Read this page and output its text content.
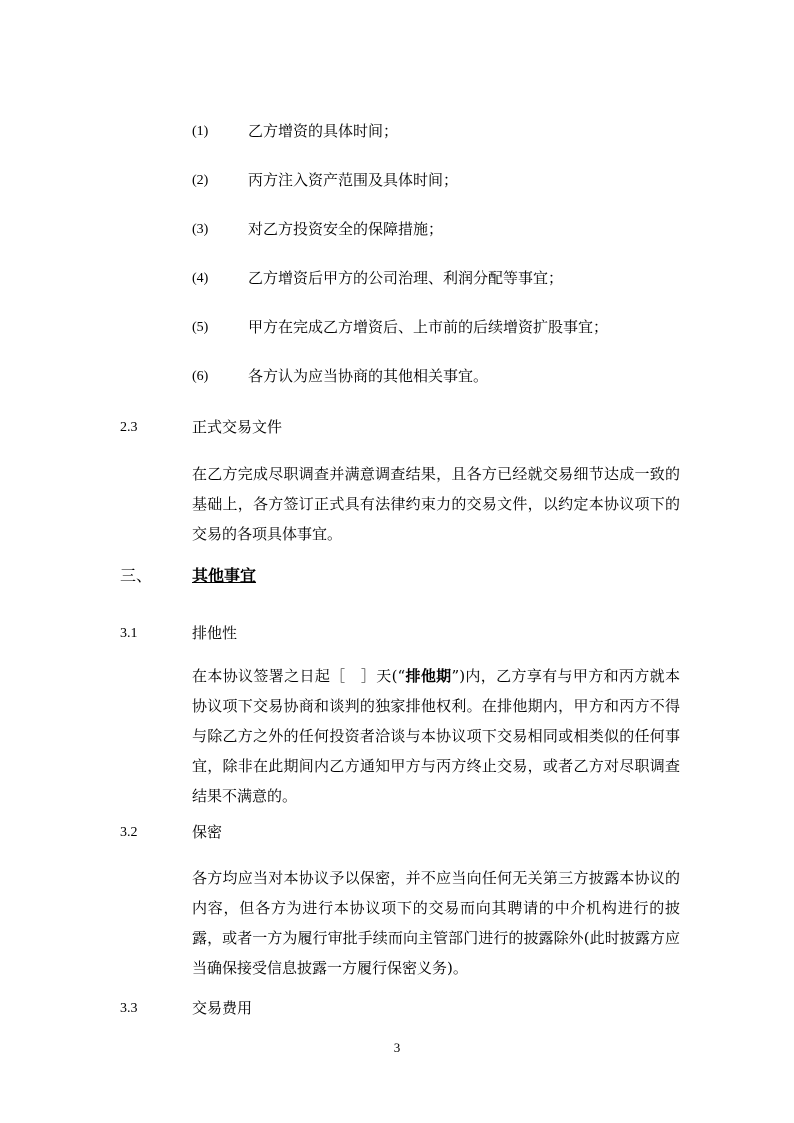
(1)	乙方增资的具体时间；
(2)	丙方注入资产范围及具体时间；
(3)	对乙方投资安全的保障措施；
(4)	乙方增资后甲方的公司治理、利润分配等事宜；
(5)	甲方在完成乙方增资后、上市前的后续增资扩股事宜；
(6)	各方认为应当协商的其他相关事宜。
2.3	正式交易文件
在乙方完成尽职调查并满意调查结果，且各方已经就交易细节达成一致的基础上，各方签订正式具有法律约束力的交易文件，以约定本协议项下的交易的各项具体事宜。
三、 其他事宜
3.1	排他性
在本协议签署之日起［　］天(“排他期”)内，乙方享有与甲方和丙方就本协议项下交易协商和谈判的独家排他权利。在排他期内，甲方和丙方不得与除乙方之外的任何投资者洽谈与本协议项下交易相同或相类似的任何事宜，除非在此期间内乙方通知甲方与丙方终止交易，或者乙方对尽职调查结果不满意的。
3.2	保密
各方均应当对本协议予以保密，并不应当向任何无关第三方披露本协议的内容，但各方为进行本协议项下的交易而向其聘请的中介机构进行的披露，或者一方为履行审批手续而向主管部门进行的披露除外(此时披露方应当确保接受信息披露一方履行保密义务)。
3.3	交易费用
3
